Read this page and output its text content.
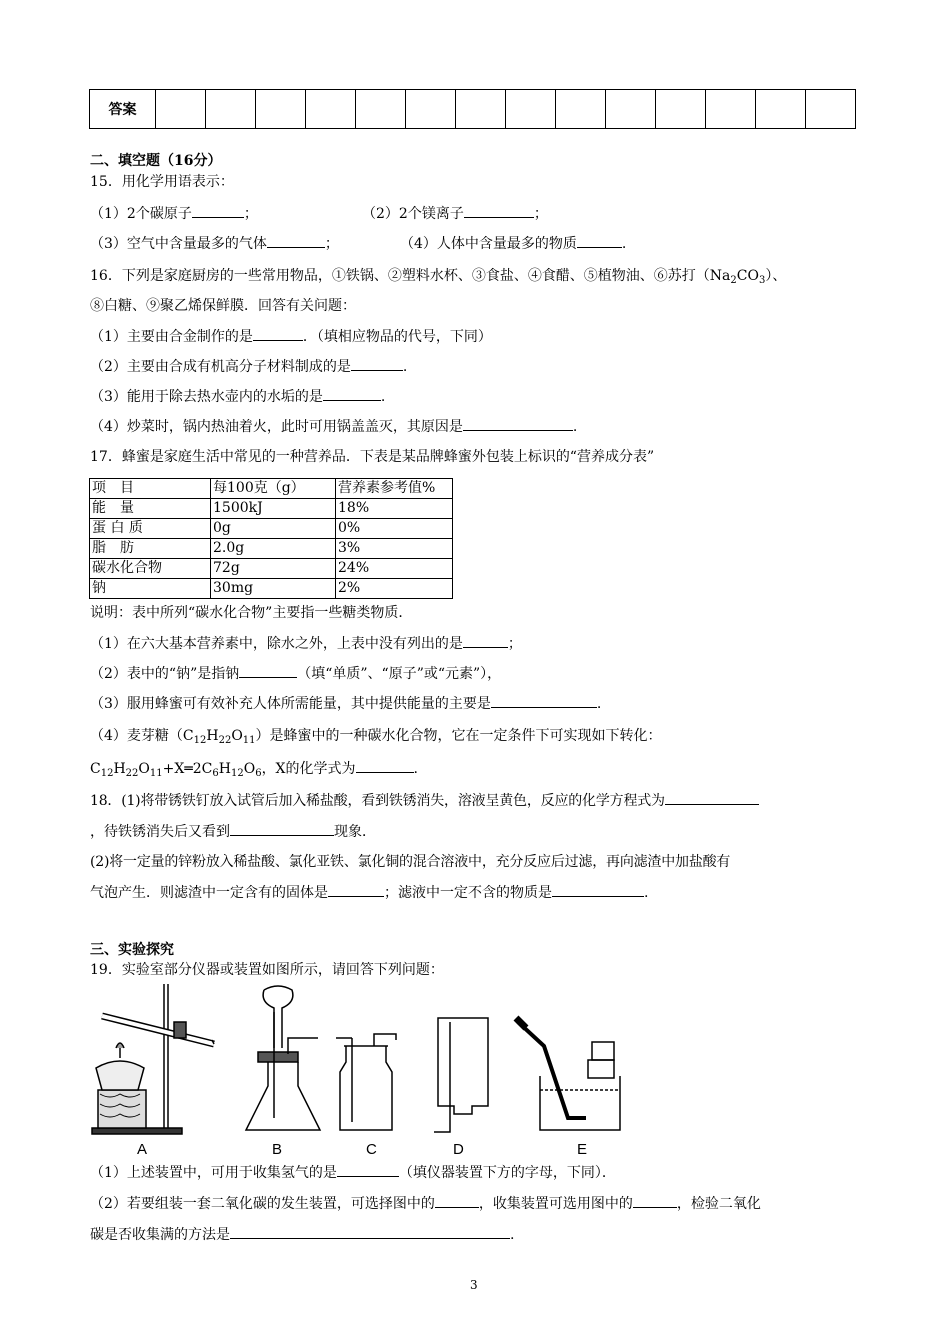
答案														
二、填空题（16分）
15．用化学用语表示：
（1）2个碳原子	；	（2）2个镁离子	；
（3）空气中含量最多的气体	；	（4）人体中含量最多的物质	.
16．下列是家庭厨房的一些常用物品，①铁锅、②塑料水杯、③食盐、④食醋、⑤植物油、⑥苏打$(Na_2CO_3)$、
⑧白糖、⑨聚乙烯保鲜膜．回答有关问题：
（1）主要由合金制作的是	．（填相应物品的代号，下同）
（2）主要由合成有机高分子材料制成的是	.
（3）能用于除去热水壶内的水垢的是	.
（4）炒菜时，锅内热油着火，此时可用锅盖盖灭，其原因是	.
17．蜂蜜是家庭生活中常见的一种营养品．下表是某品牌蜂蜜外包装上标识的“营养成分表”
项　目	每100克（g）	营养素参考值%
能　量	1500kJ	18%
蛋 白 质	0g	0%
脂　肪	2.0g	3%
碳水化合物	72g	24%
钠	30mg	2%
说明：表中所列“碳水化合物”主要指一些糖类物质．
（1）在六大基本营养素中，除水之外，上表中没有列出的是	；
（2）表中的“钠”是指钠	（填“单质”、“原子”或“元素”），
（3）服用蜂蜜可有效补充人体所需能量，其中提供能量的主要是	.
（4）麦芽糖$(C_{12}H_{22}O_{11})$是蜂蜜中的一种碳水化合物，它在一定条件下可实现如下转化：
$C_{12}H_{22}O_{11}+X═2C_6H_{12}O_6$，X的化学式为	.
18．(1)将带锈铁钉放入试管后加入稀盐酸，看到铁锈消失，溶液呈黄色，反应的化学方程式为
，待铁锈消失后又看到	现象．
(2)将一定量的锌粉放入稀盐酸、氯化亚铁、氯化铜的混合溶液中，充分反应后过滤，再向滤渣中加盐酸有
气泡产生．则滤渣中一定含有的固体是	；滤液中一定不含的物质是	.
三、实验探究
19．实验室部分仪器或装置如图所示，请回答下列问题：
A	B	C	D	E
（1）上述装置中，可用于收集氢气的是	（填仪器装置下方的字母，下同）．
（2）若要组装一套二氧化碳的发生装置，可选择图中的	，收集装置可选用图中的	，检验二氧化
碳是否收集满的方法是	.
3
